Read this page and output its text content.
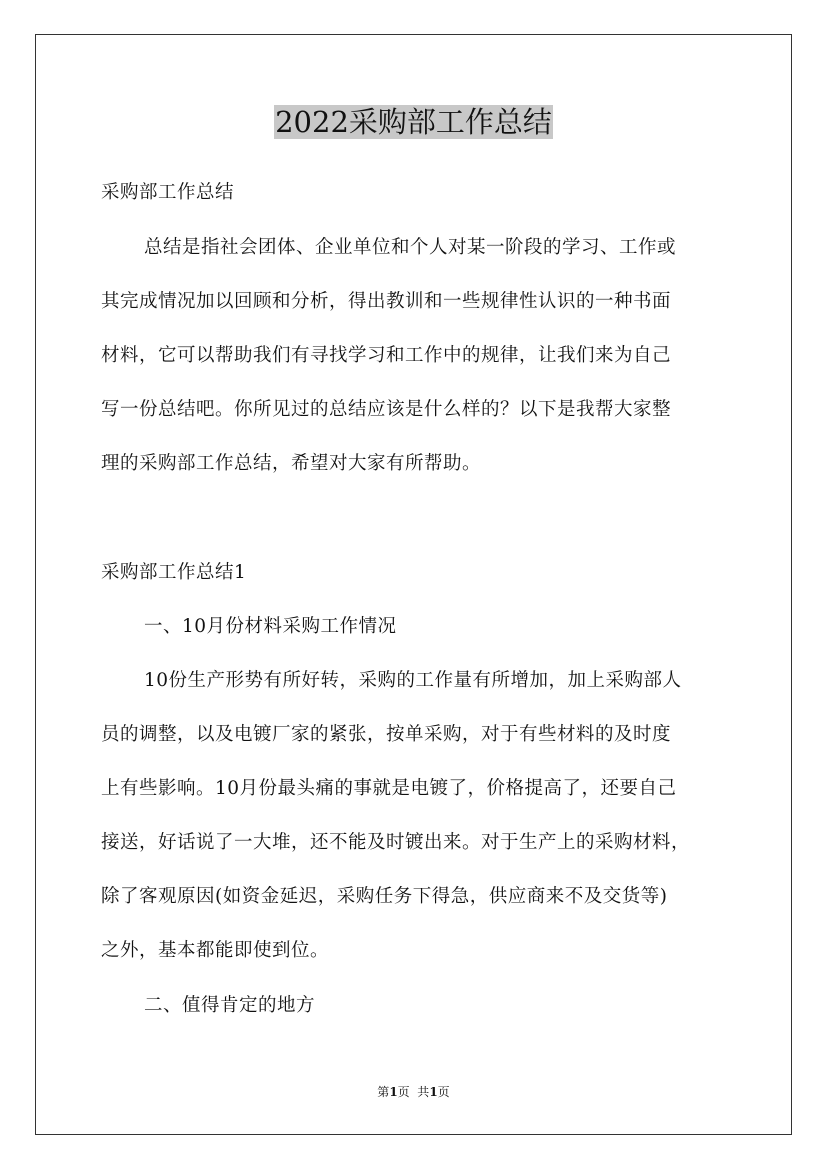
2022采购部工作总结

采购部工作总结

总结是指社会团体、企业单位和个人对某一阶段的学习、工作或

其完成情况加以回顾和分析，得出教训和一些规律性认识的一种书面

材料，它可以帮助我们有寻找学习和工作中的规律，让我们来为自己

写一份总结吧。你所见过的总结应该是什么样的？以下是我帮大家整

理的采购部工作总结，希望对大家有所帮助。

采购部工作总结1

一、10月份材料采购工作情况

10份生产形势有所好转，采购的工作量有所增加，加上采购部人

员的调整，以及电镀厂家的紧张，按单采购，对于有些材料的及时度

上有些影响。10月份最头痛的事就是电镀了，价格提高了，还要自己

接送，好话说了一大堆，还不能及时镀出来。对于生产上的采购材料，

除了客观原因(如资金延迟，采购任务下得急，供应商来不及交货等)

之外，基本都能即使到位。

二、值得肯定的地方

第1页  共1页
